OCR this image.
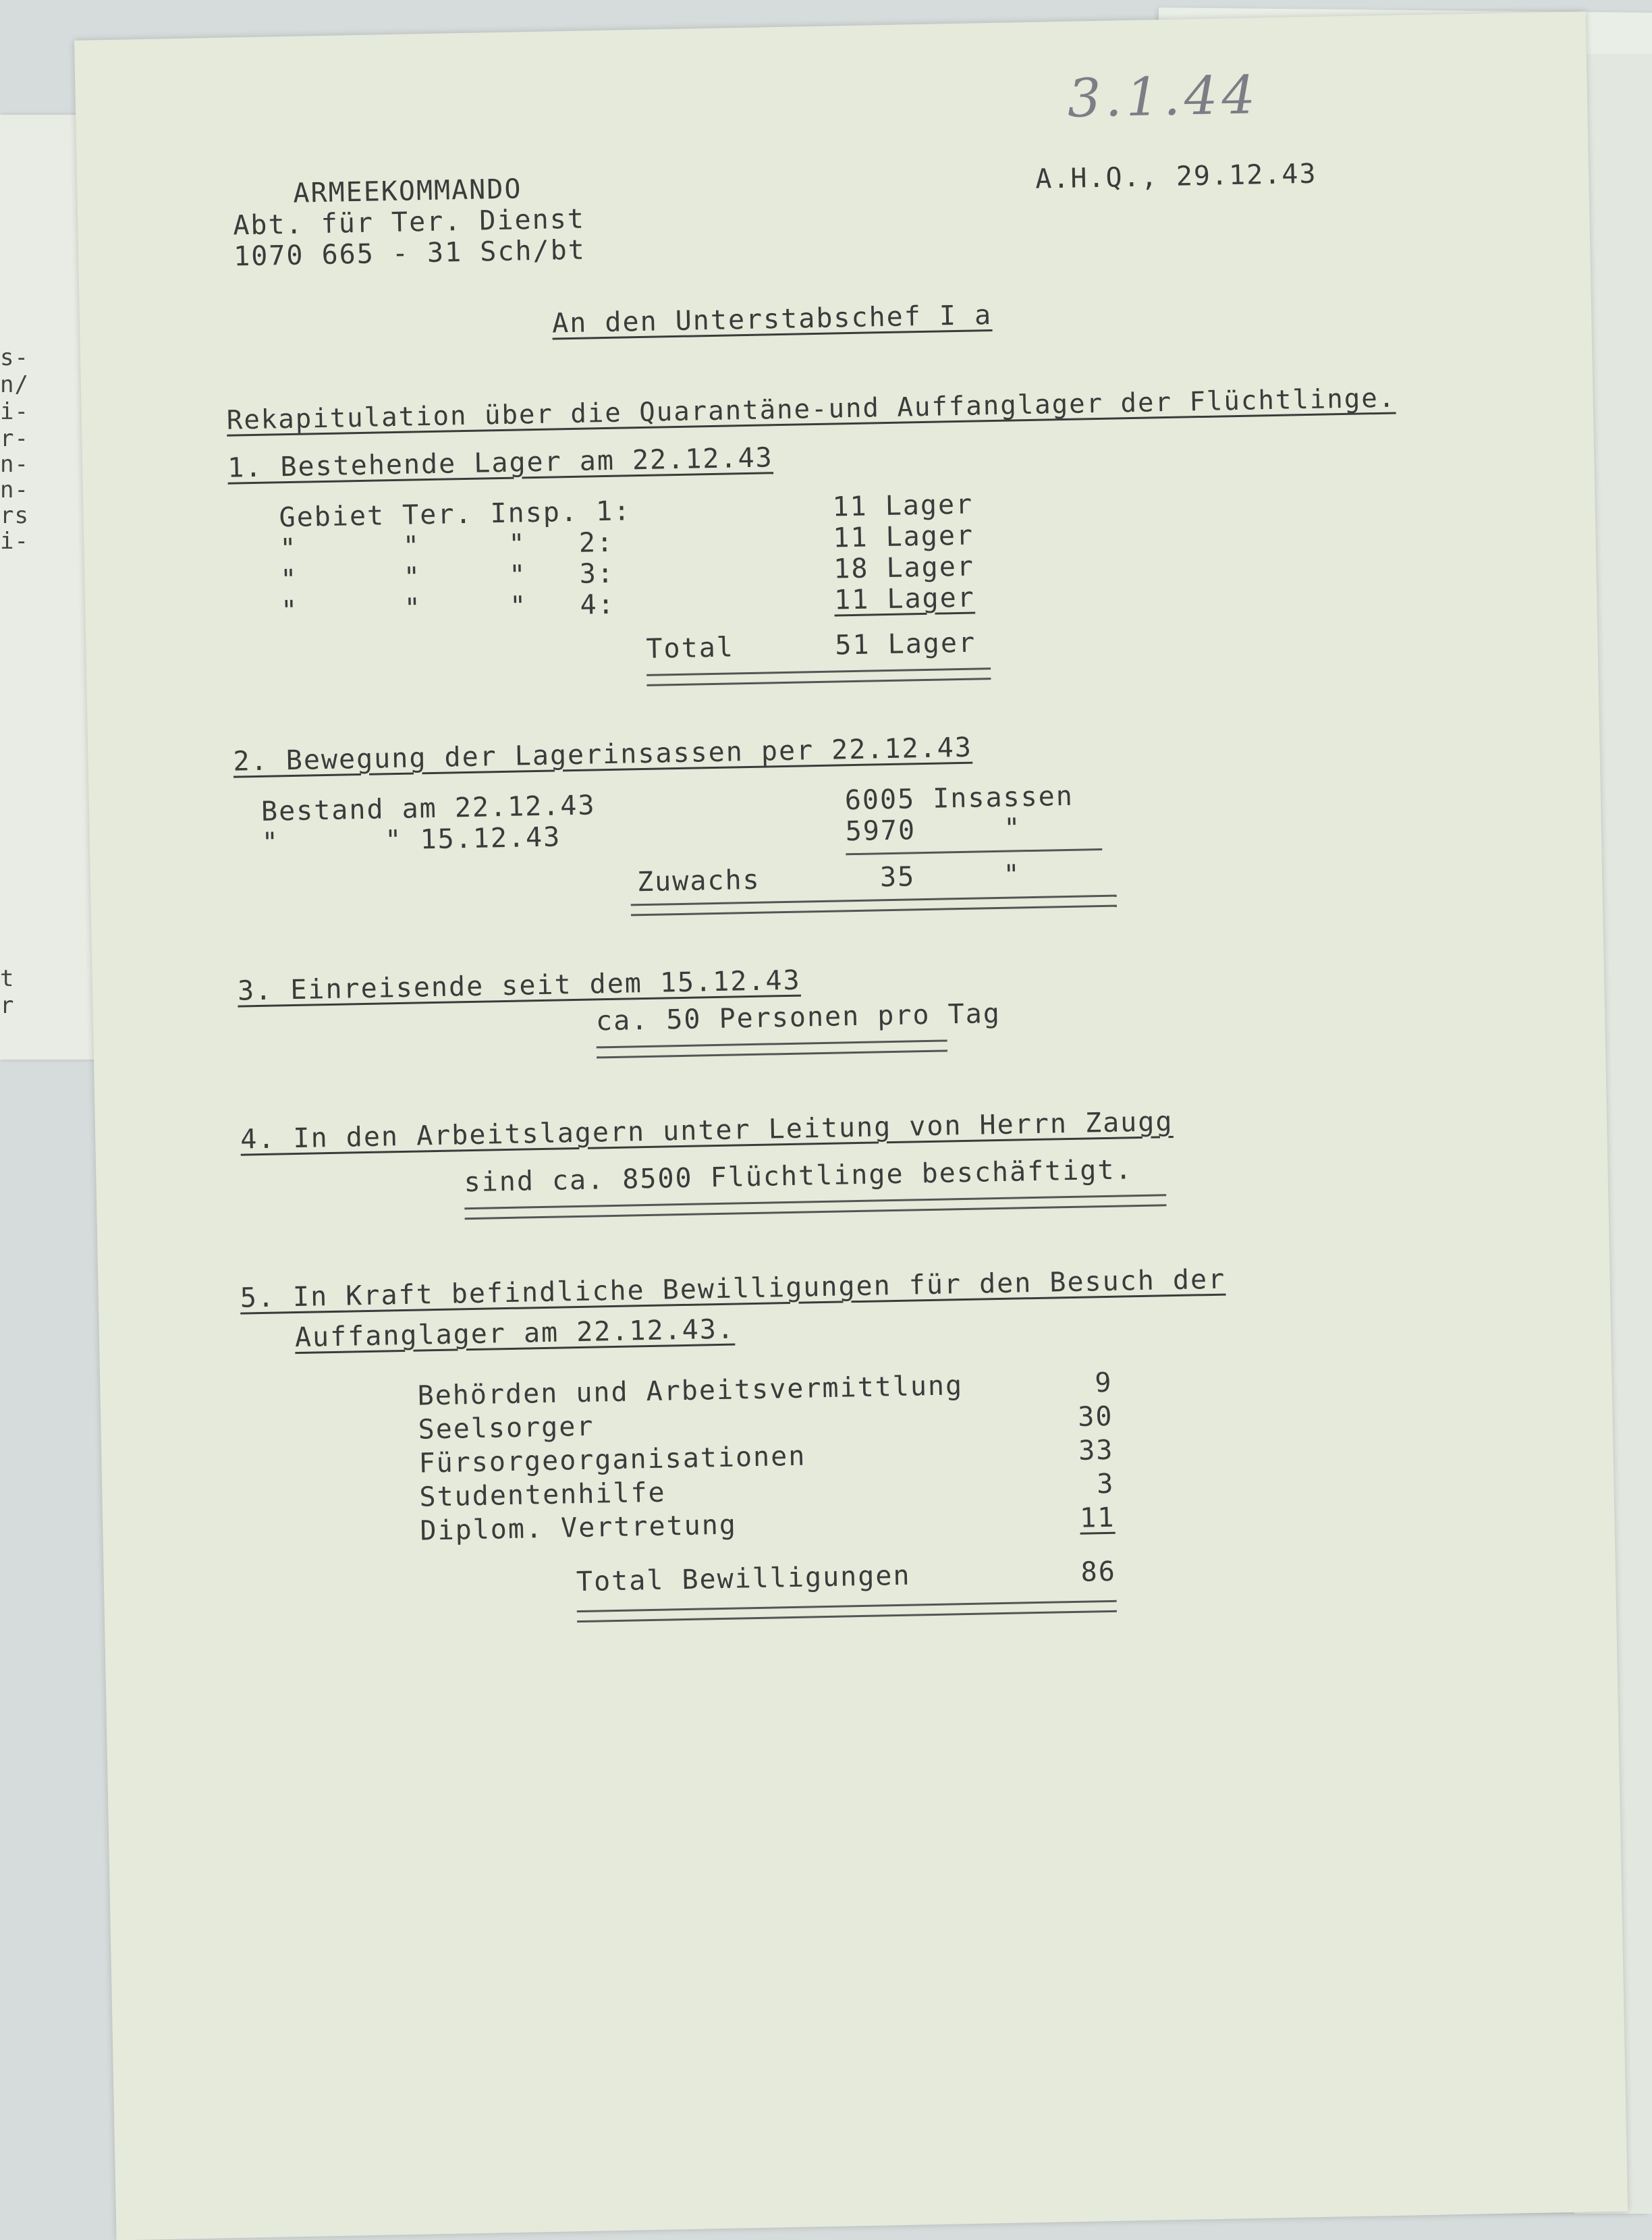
s-
n/
i-
r-
n-
n-
rs
i-
t
r
3.1.44
ARMEEKOMMANDO
Abt. für Ter. Dienst
1070 665 - 31 Sch/bt
A.H.Q., 29.12.43
An den Unterstabschef I a
Rekapitulation über die Quarantäne-und Auffanglager der Flüchtlinge.
1. Bestehende Lager am 22.12.43
Gebiet Ter. Insp. 1:	11 Lager
"      "     "   2:	11 Lager
"      "     "   3:	18 Lager
"      "     "   4:	11 Lager
Total	51 Lager
2. Bewegung der Lagerinsassen per 22.12.43
Bestand am 22.12.43	6005 Insassen
"      " 15.12.43	5970     "
Zuwachs	35     "
3. Einreisende seit dem 15.12.43
ca. 50 Personen pro Tag
4. In den Arbeitslagern unter Leitung von Herrn Zaugg
sind ca. 8500 Flüchtlinge beschäftigt.
5. In Kraft befindliche Bewilligungen für den Besuch der
Auffanglager am 22.12.43.
Behörden und Arbeitsvermittlung	9
Seelsorger	30
Fürsorgeorganisationen	33
Studentenhilfe	3
Diplom. Vertretung	11
Total Bewilligungen	86
